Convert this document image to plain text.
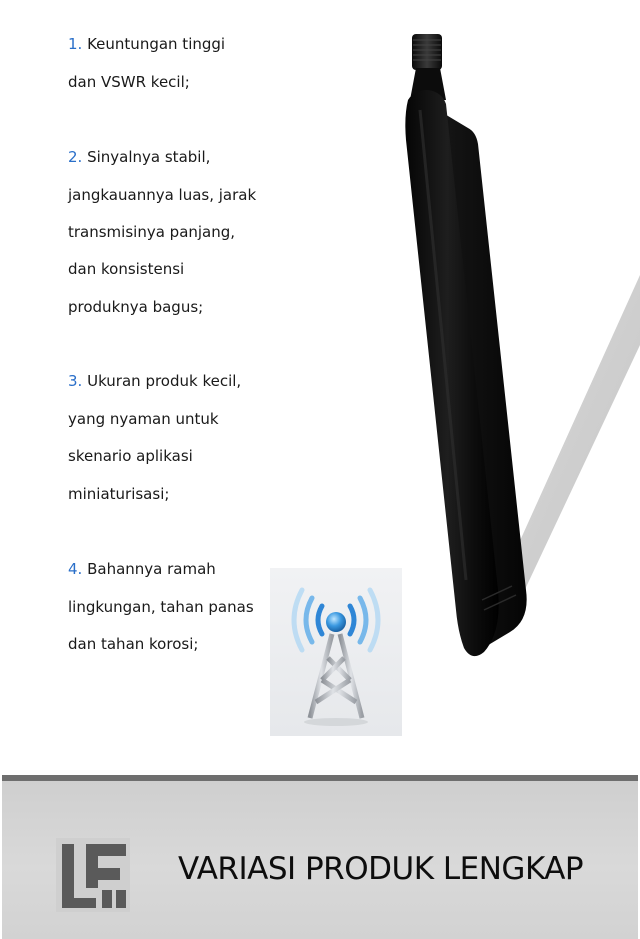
1. Keuntungan tinggi
dan VSWR kecil;
2. Sinyalnya stabil,
jangkauannya luas, jarak
transmisinya panjang,
dan konsistensi
produknya bagus;
3. Ukuran produk kecil,
yang nyaman untuk
skenario aplikasi
miniaturisasi;
4. Bahannya ramah
lingkungan, tahan panas
dan tahan korosi;
VARIASI PRODUK LENGKAP
